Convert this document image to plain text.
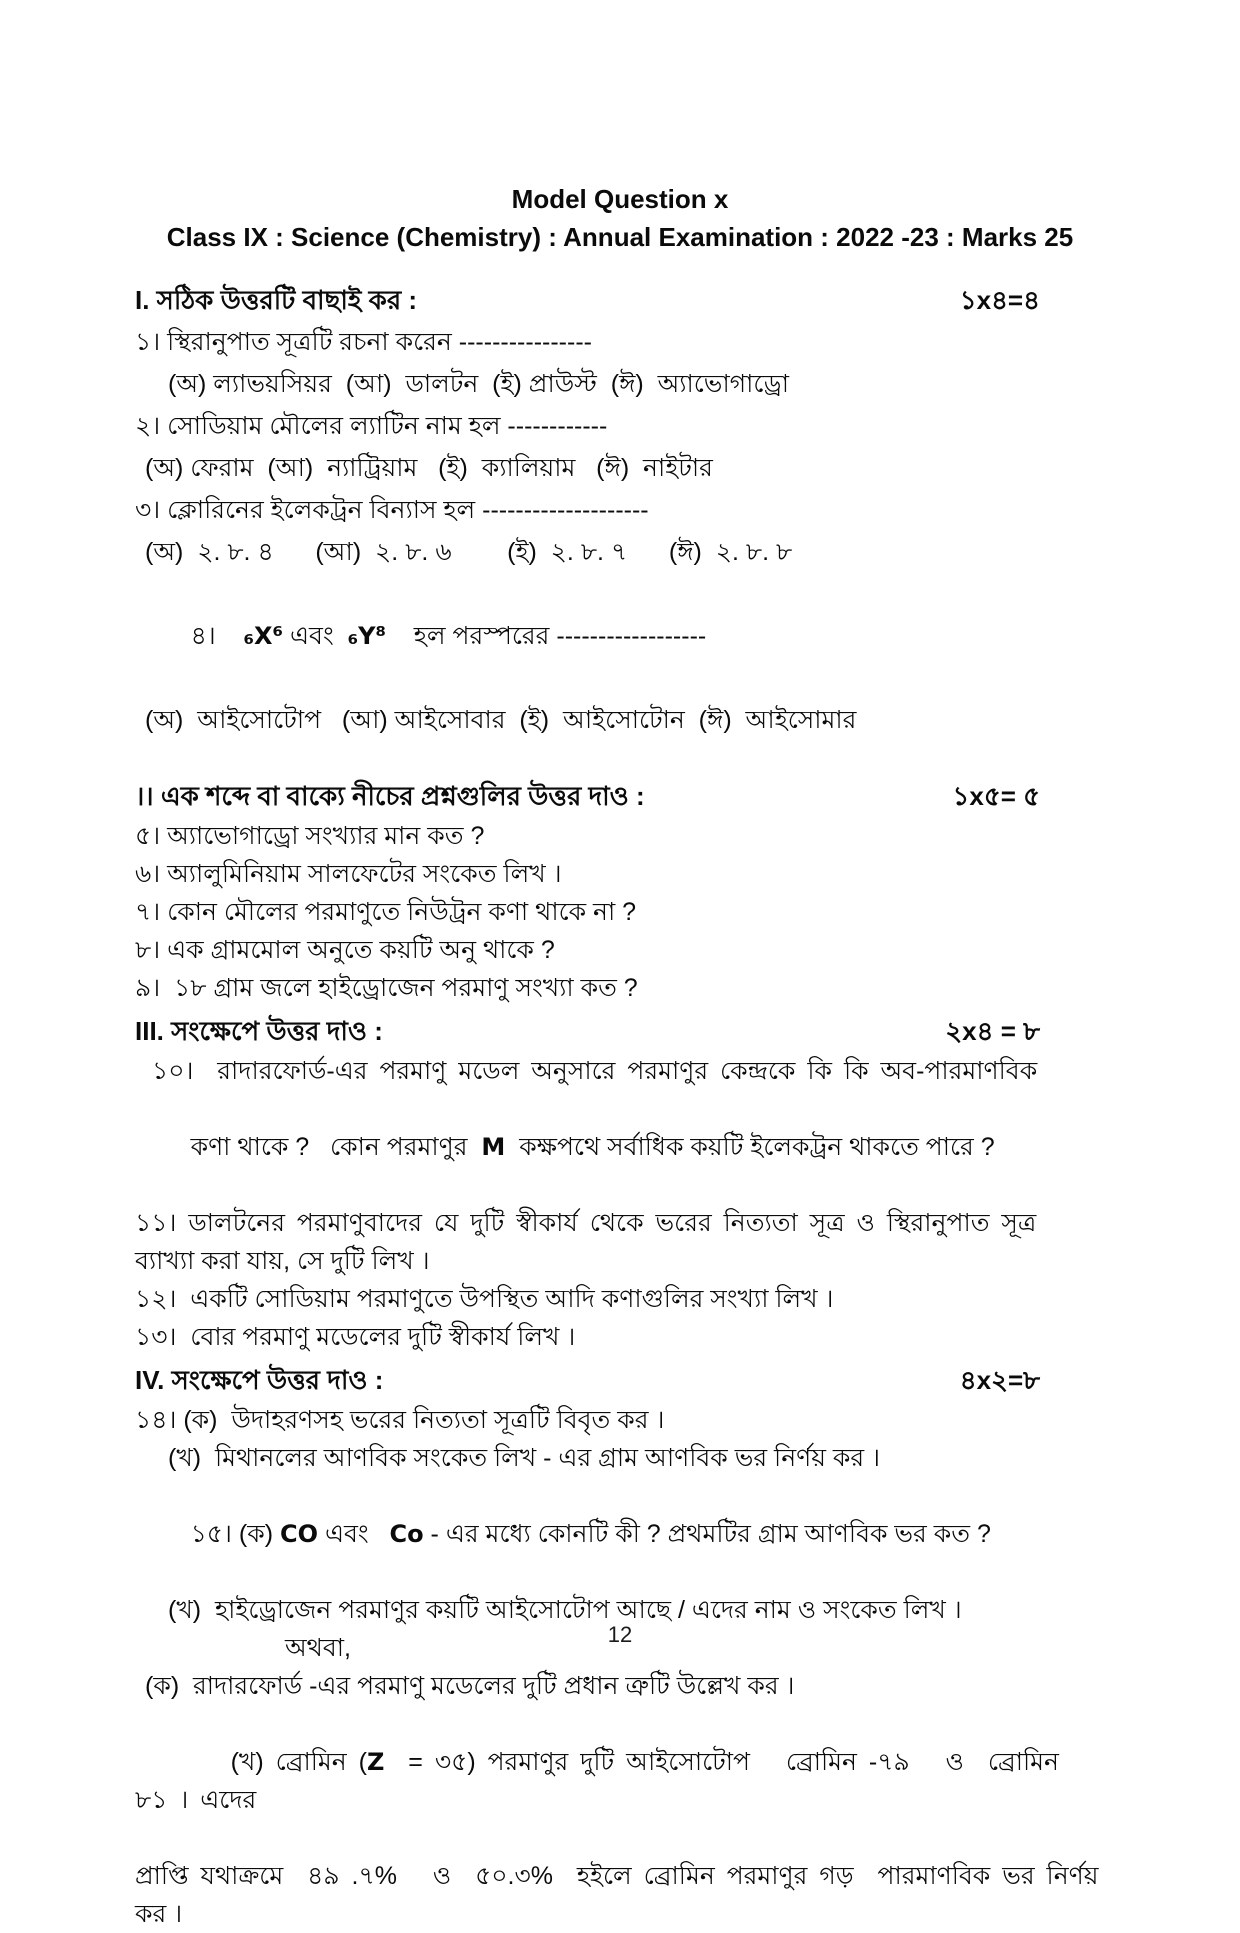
Model Question x
Class IX : Science (Chemistry) : Annual Examination : 2022 -23 : Marks 25
I. সঠিক উত্তরটি বাছাই কর :	১x৪=৪
১। স্থিরানুপাত সূত্রটি রচনা করেন ----------------
(অ) ল্যাভয়সিয়র  (আ)  ডালটন  (ই) প্রাউস্ট  (ঈ)  অ্যাভোগাড্রো
২। সোডিয়াম মৌলের ল্যাটিন নাম হল ------------
(অ) ফেরাম  (আ)  ন্যাট্রিয়াম   (ই)  ক্যালিয়াম   (ঈ)  নাইটার
৩। ক্লোরিনের ইলেকট্রন বিন্যাস হল --------------------
(অ)  ২. ৮. ৪      (আ)  ২. ৮. ৬        (ই)  ২. ৮. ৭      (ঈ)  ২. ৮. ৮

৪।    ₆X⁶ এবং  ₆Y⁸    হল পরস্পরের ------------------

(অ)  আইসোটোপ   (আ) আইসোবার  (ই)  আইসোটোন  (ঈ)  আইসোমার
।। এক শব্দে বা বাক্যে নীচের প্রশ্নগুলির উত্তর দাও :	১x৫= ৫
৫। অ্যাভোগাড্রো সংখ্যার মান কত ?
৬। অ্যালুমিনিয়াম সালফেটের সংকেত লিখ ।
৭। কোন মৌলের পরমাণুতে নিউট্রন কণা থাকে না ?
৮। এক গ্রামমোল অনুতে কয়টি অনু থাকে ?
৯।  ১৮ গ্রাম জলে হাইড্রোজেন পরমাণু সংখ্যা কত ?
III. সংক্ষেপে উত্তর দাও :	২x৪ = ৮
১০।  রাদারফোর্ড-এর পরমাণু মডেল অনুসারে পরমাণুর কেন্দ্রকে কি কি অব-পারমাণবিক

কণা থাকে ?   কোন পরমাণুর  M  কক্ষপথে সর্বাধিক কয়টি ইলেকট্রন থাকতে পারে ?

১১। ডালটনের পরমাণুবাদের যে দুটি স্বীকার্য থেকে ভরের নিত্যতা সূত্র ও স্থিরানুপাত সূত্র
ব্যাখ্যা করা যায়, সে দুটি লিখ ।
১২।  একটি সোডিয়াম পরমাণুতে উপস্থিত আদি কণাগুলির সংখ্যা লিখ ।
১৩।  বোর পরমাণু মডেলের দুটি স্বীকার্য লিখ ।
IV. সংক্ষেপে উত্তর দাও :	৪x২=৮
১৪। (ক)  উদাহরণসহ ভরের নিত্যতা সূত্রটি বিবৃত কর ।
(খ)  মিথানলের আণবিক সংকেত লিখ - এর গ্রাম আণবিক ভর নির্ণয় কর ।

১৫। (ক) CO এবং   Co - এর মধ্যে কোনটি কী ? প্রথমটির গ্রাম আণবিক ভর কত ?

(খ)  হাইড্রোজেন পরমাণুর কয়টি আইসোটোপ আছে / এদের নাম ও সংকেত লিখ ।
অথবা,
(ক)  রাদারফোর্ড -এর পরমাণু মডেলের দুটি প্রধান ত্রুটি উল্লেখ কর ।

(খ) ব্রোমিন (Z  = ৩৫) পরমাণুর দুটি আইসোটোপ   ব্রোমিন -৭৯   ও  ব্রোমিন   ৮১ । এদের

প্রাপ্তি যথাক্রমে  ৪৯ .৭%   ও  ৫০.৩%  হইলে ব্রোমিন পরমাণুর গড়  পারমাণবিক ভর নির্ণয়
কর ।
12
